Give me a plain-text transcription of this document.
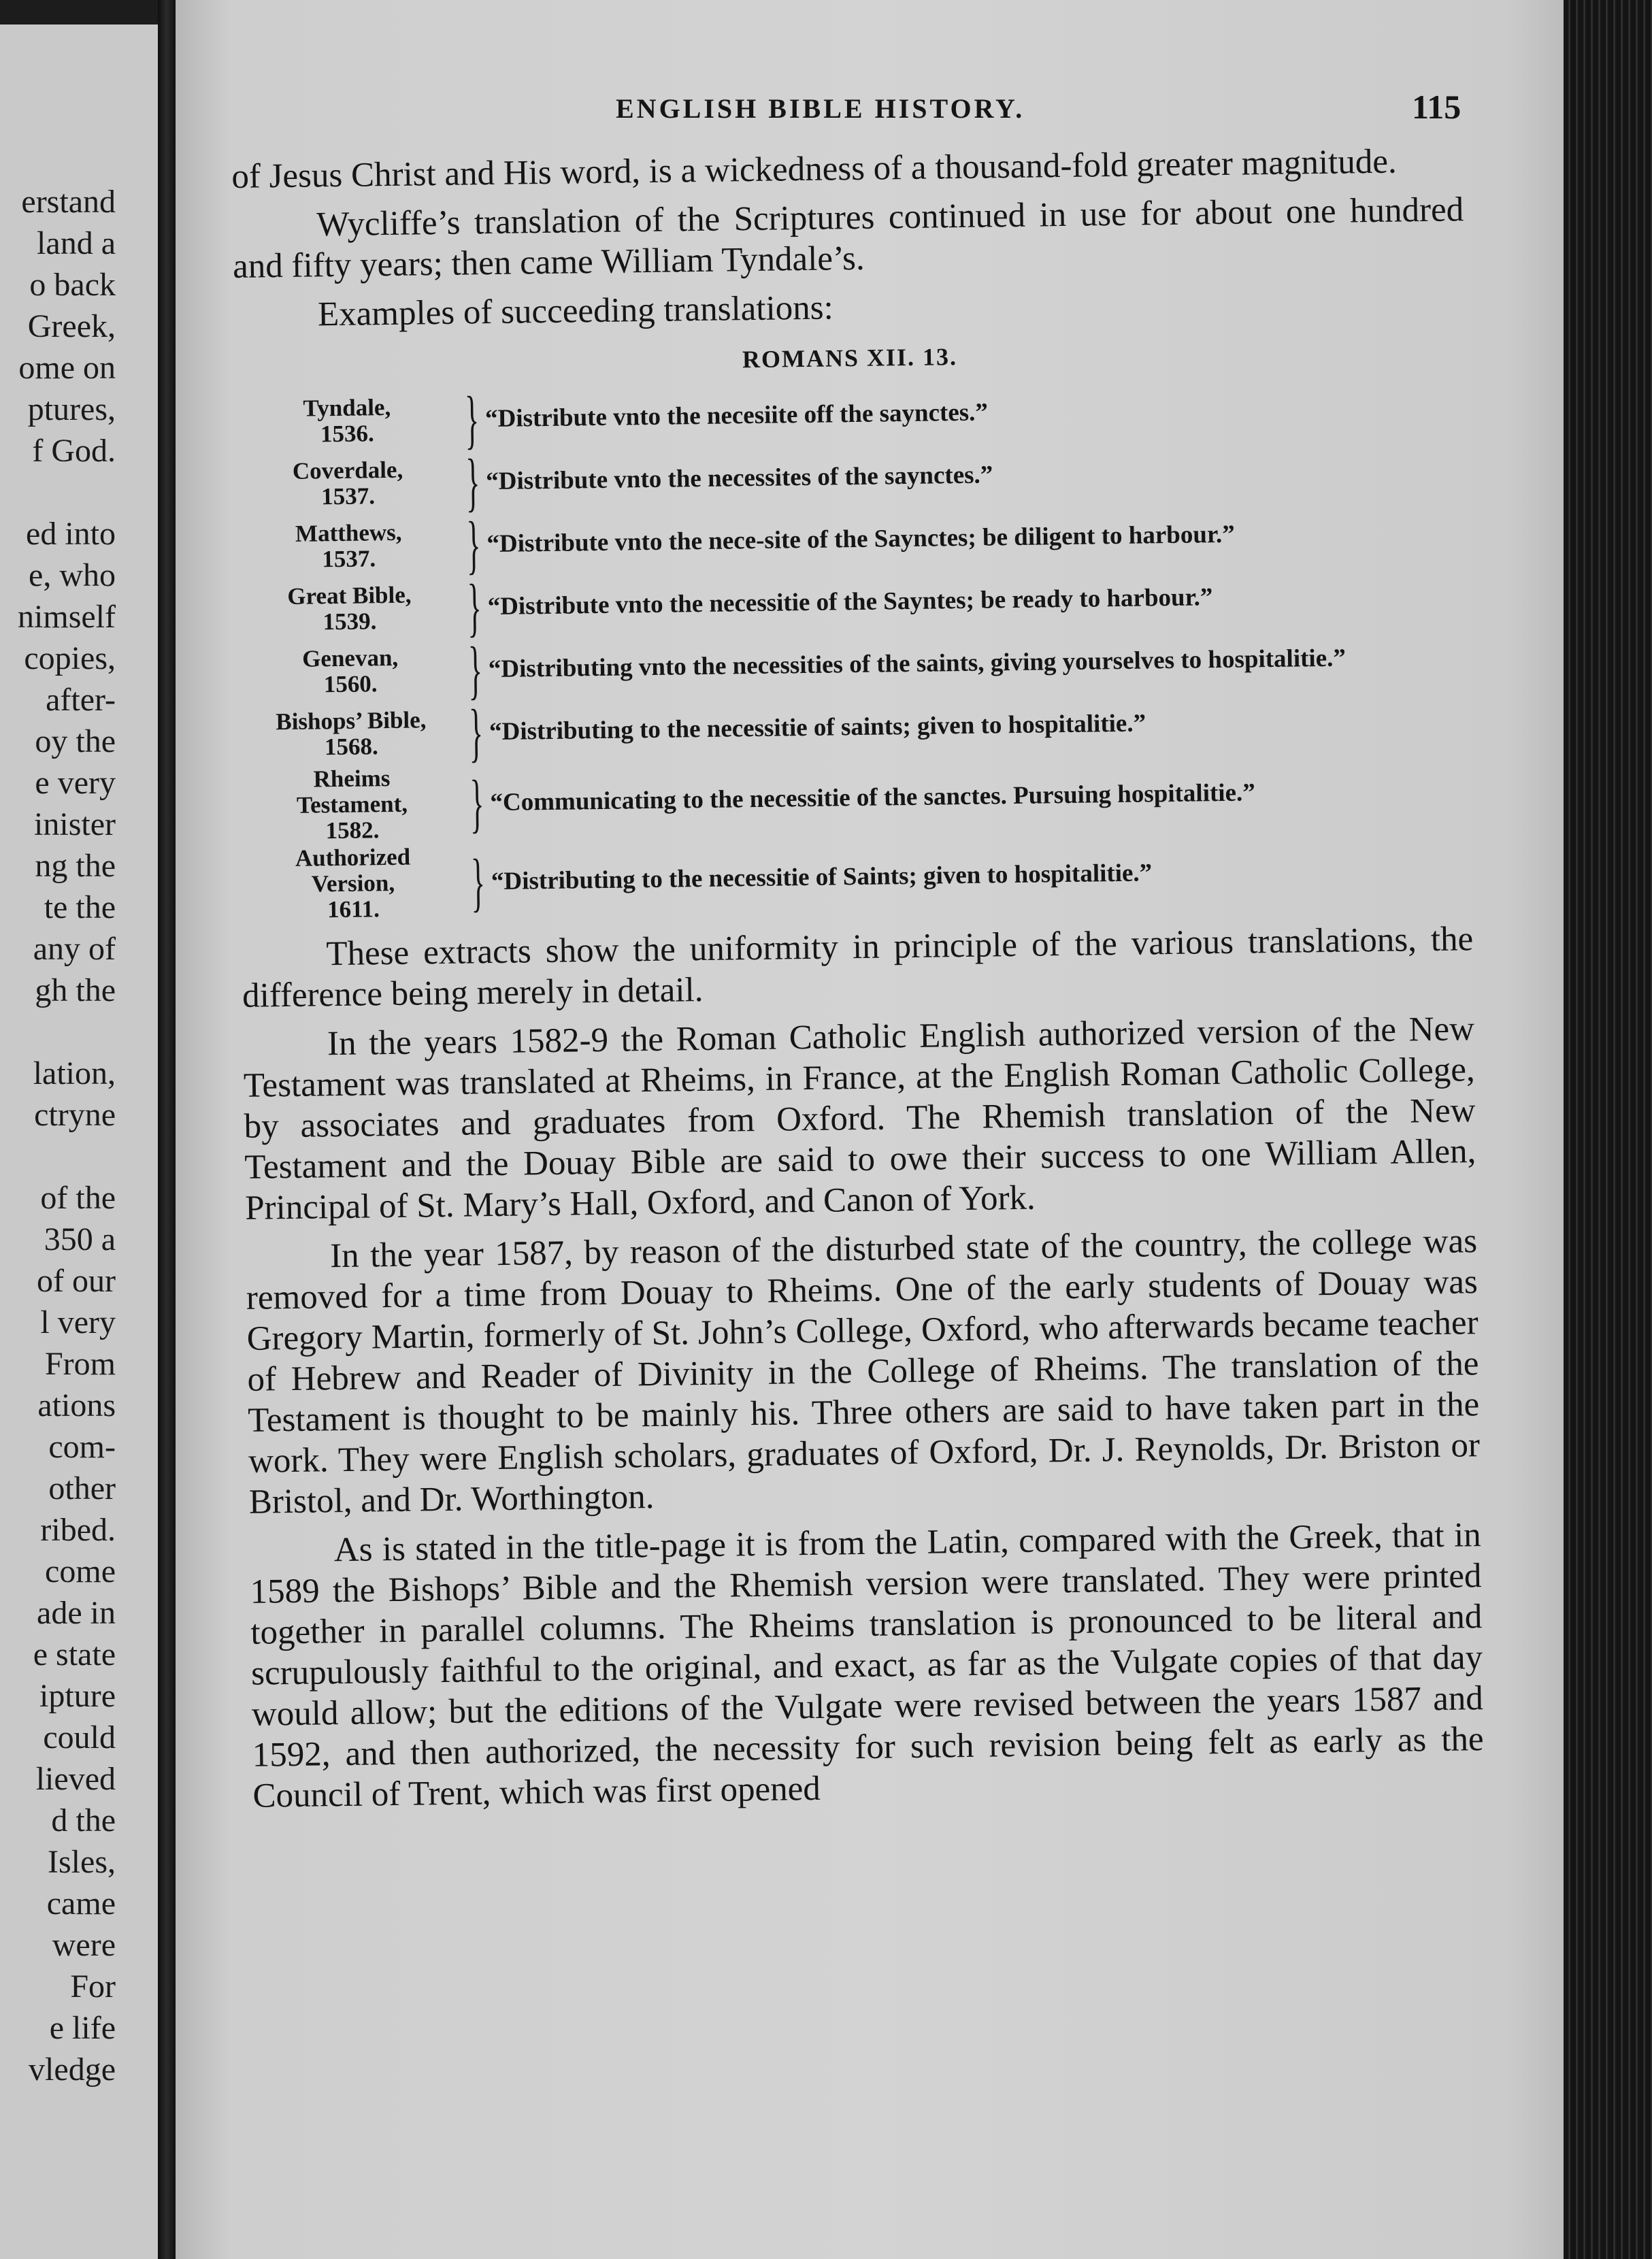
erstand
land a
o back
Greek,
ome on
ptures,
f God.

ed into
e, who
nimself
copies,
after-
oy the
e very
inister
ng the
te the
any of
gh the

lation,
ctryne

of the
350 a
of our
l very
From
ations
com-
other
ribed.
come
ade in
e state
ipture
could
lieved
d the
Isles,
came
were
For
e life
vledge
ENGLISH BIBLE HISTORY.	115

of Jesus Christ and His word, is a wickedness of a thousand-fold greater magnitude.

Wycliffe’s translation of the Scriptures continued in use for about one hundred and fifty years; then came William Tyndale’s.

Examples of succeeding translations:

ROMANS XII. 13.
Tyndale,
1536.	} “Distribute vnto the necesiite off the saynctes.”
Coverdale,
1537.	} “Distribute vnto the necessites of the saynctes.”
Matthews,
1537.	} “Distribute vnto the nece-site of the Saynctes; be diligent to harbour.”
Great Bible,
1539.	} “Distribute vnto the necessitie of the Sayntes; be ready to harbour.”
Genevan,
1560.	} “Distributing vnto the necessities of the saints, giving yourselves to hospitalitie.”
Bishops’ Bible,
1568.	} “Distributing to the necessitie of saints; given to hospitalitie.”
Rheims
Testament,
1582.	} “Communicating to the necessitie of the sanctes. Pursuing hospitalitie.”
Authorized
Version,
1611.	} “Distributing to the necessitie of Saints; given to hospitalitie.”

These extracts show the uniformity in principle of the various translations, the difference being merely in detail.

In the years 1582-9 the Roman Catholic English authorized version of the New Testament was translated at Rheims, in France, at the English Roman Catholic College, by associates and graduates from Oxford. The Rhemish translation of the New Testament and the Douay Bible are said to owe their success to one William Allen, Principal of St. Mary’s Hall, Oxford, and Canon of York.

In the year 1587, by reason of the disturbed state of the country, the college was removed for a time from Douay to Rheims. One of the early students of Douay was Gregory Martin, formerly of St. John’s College, Oxford, who afterwards became teacher of Hebrew and Reader of Divinity in the College of Rheims. The translation of the Testament is thought to be mainly his. Three others are said to have taken part in the work. They were English scholars, graduates of Oxford, Dr. J. Reynolds, Dr. Briston or Bristol, and Dr. Worthington.

As is stated in the title-page it is from the Latin, compared with the Greek, that in 1589 the Bishops’ Bible and the Rhemish version were translated. They were printed together in parallel columns. The Rheims translation is pronounced to be literal and scrupulously faithful to the original, and exact, as far as the Vulgate copies of that day would allow; but the editions of the Vulgate were revised between the years 1587 and 1592, and then authorized, the necessity for such revision being felt as early as the Council of Trent, which was first opened
